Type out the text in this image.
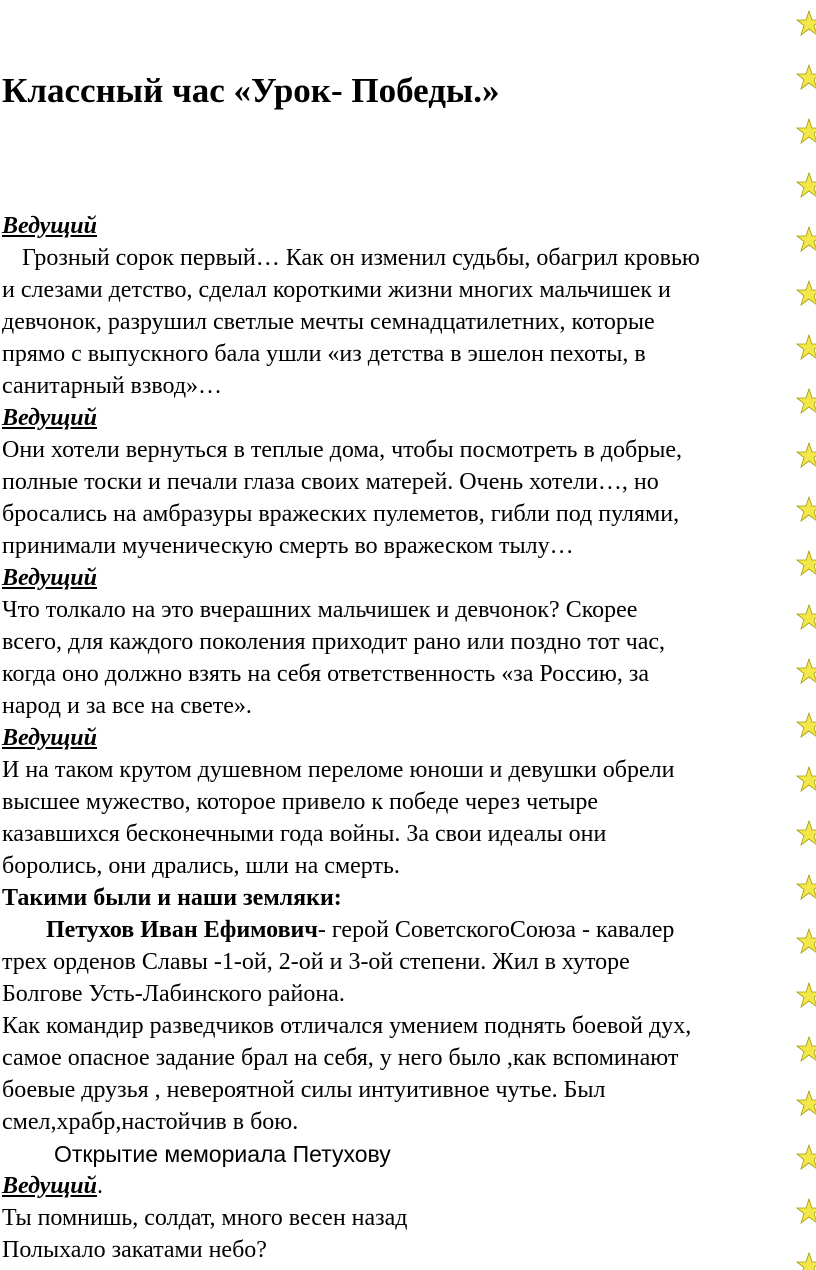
Классный час «Урок- Победы.»
Ведущий
Грозный сорок первый… Как он изменил судьбы, обагрил кровью
и слезами детство, сделал короткими жизни многих мальчишек и
девчонок, разрушил светлые мечты семнадцатилетних, которые
прямо с выпускного бала ушли «из детства в эшелон пехоты, в
санитарный взвод»…
Ведущий
Они хотели вернуться в теплые дома, чтобы посмотреть в добрые,
полные тоски и печали глаза своих матерей. Очень хотели…, но
бросались на амбразуры вражеских пулеметов, гибли под пулями,
принимали мученическую смерть во вражеском тылу…
Ведущий
Что толкало на это вчерашних мальчишек и девчонок? Скорее
всего, для каждого поколения приходит рано или поздно тот час,
когда оно должно взять на себя ответственность «за Россию, за
народ и за все на свете».
Ведущий
И на таком крутом душевном переломе юноши и девушки обрели
высшее мужество, которое привело к победе через четыре
казавшихся бесконечными года войны. За свои идеалы они
боролись, они дрались, шли на смерть.
Такими были и наши земляки:
Петухов Иван Ефимович- герой СоветскогоСоюза - кавалер
трех орденов Славы -1-ой, 2-ой и 3-ой степени. Жил в хуторе
Болгове Усть-Лабинского района.
Как командир разведчиков отличался умением поднять боевой дух,
самое опасное задание брал на себя, у него было ,как вспоминают
боевые друзья , невероятной силы интуитивное чутье. Был
смел,храбр,настойчив в бою.
Открытие мемориала Петухову
Ведущий.
Ты помнишь, солдат, много весен назад
Полыхало закатами небо?
